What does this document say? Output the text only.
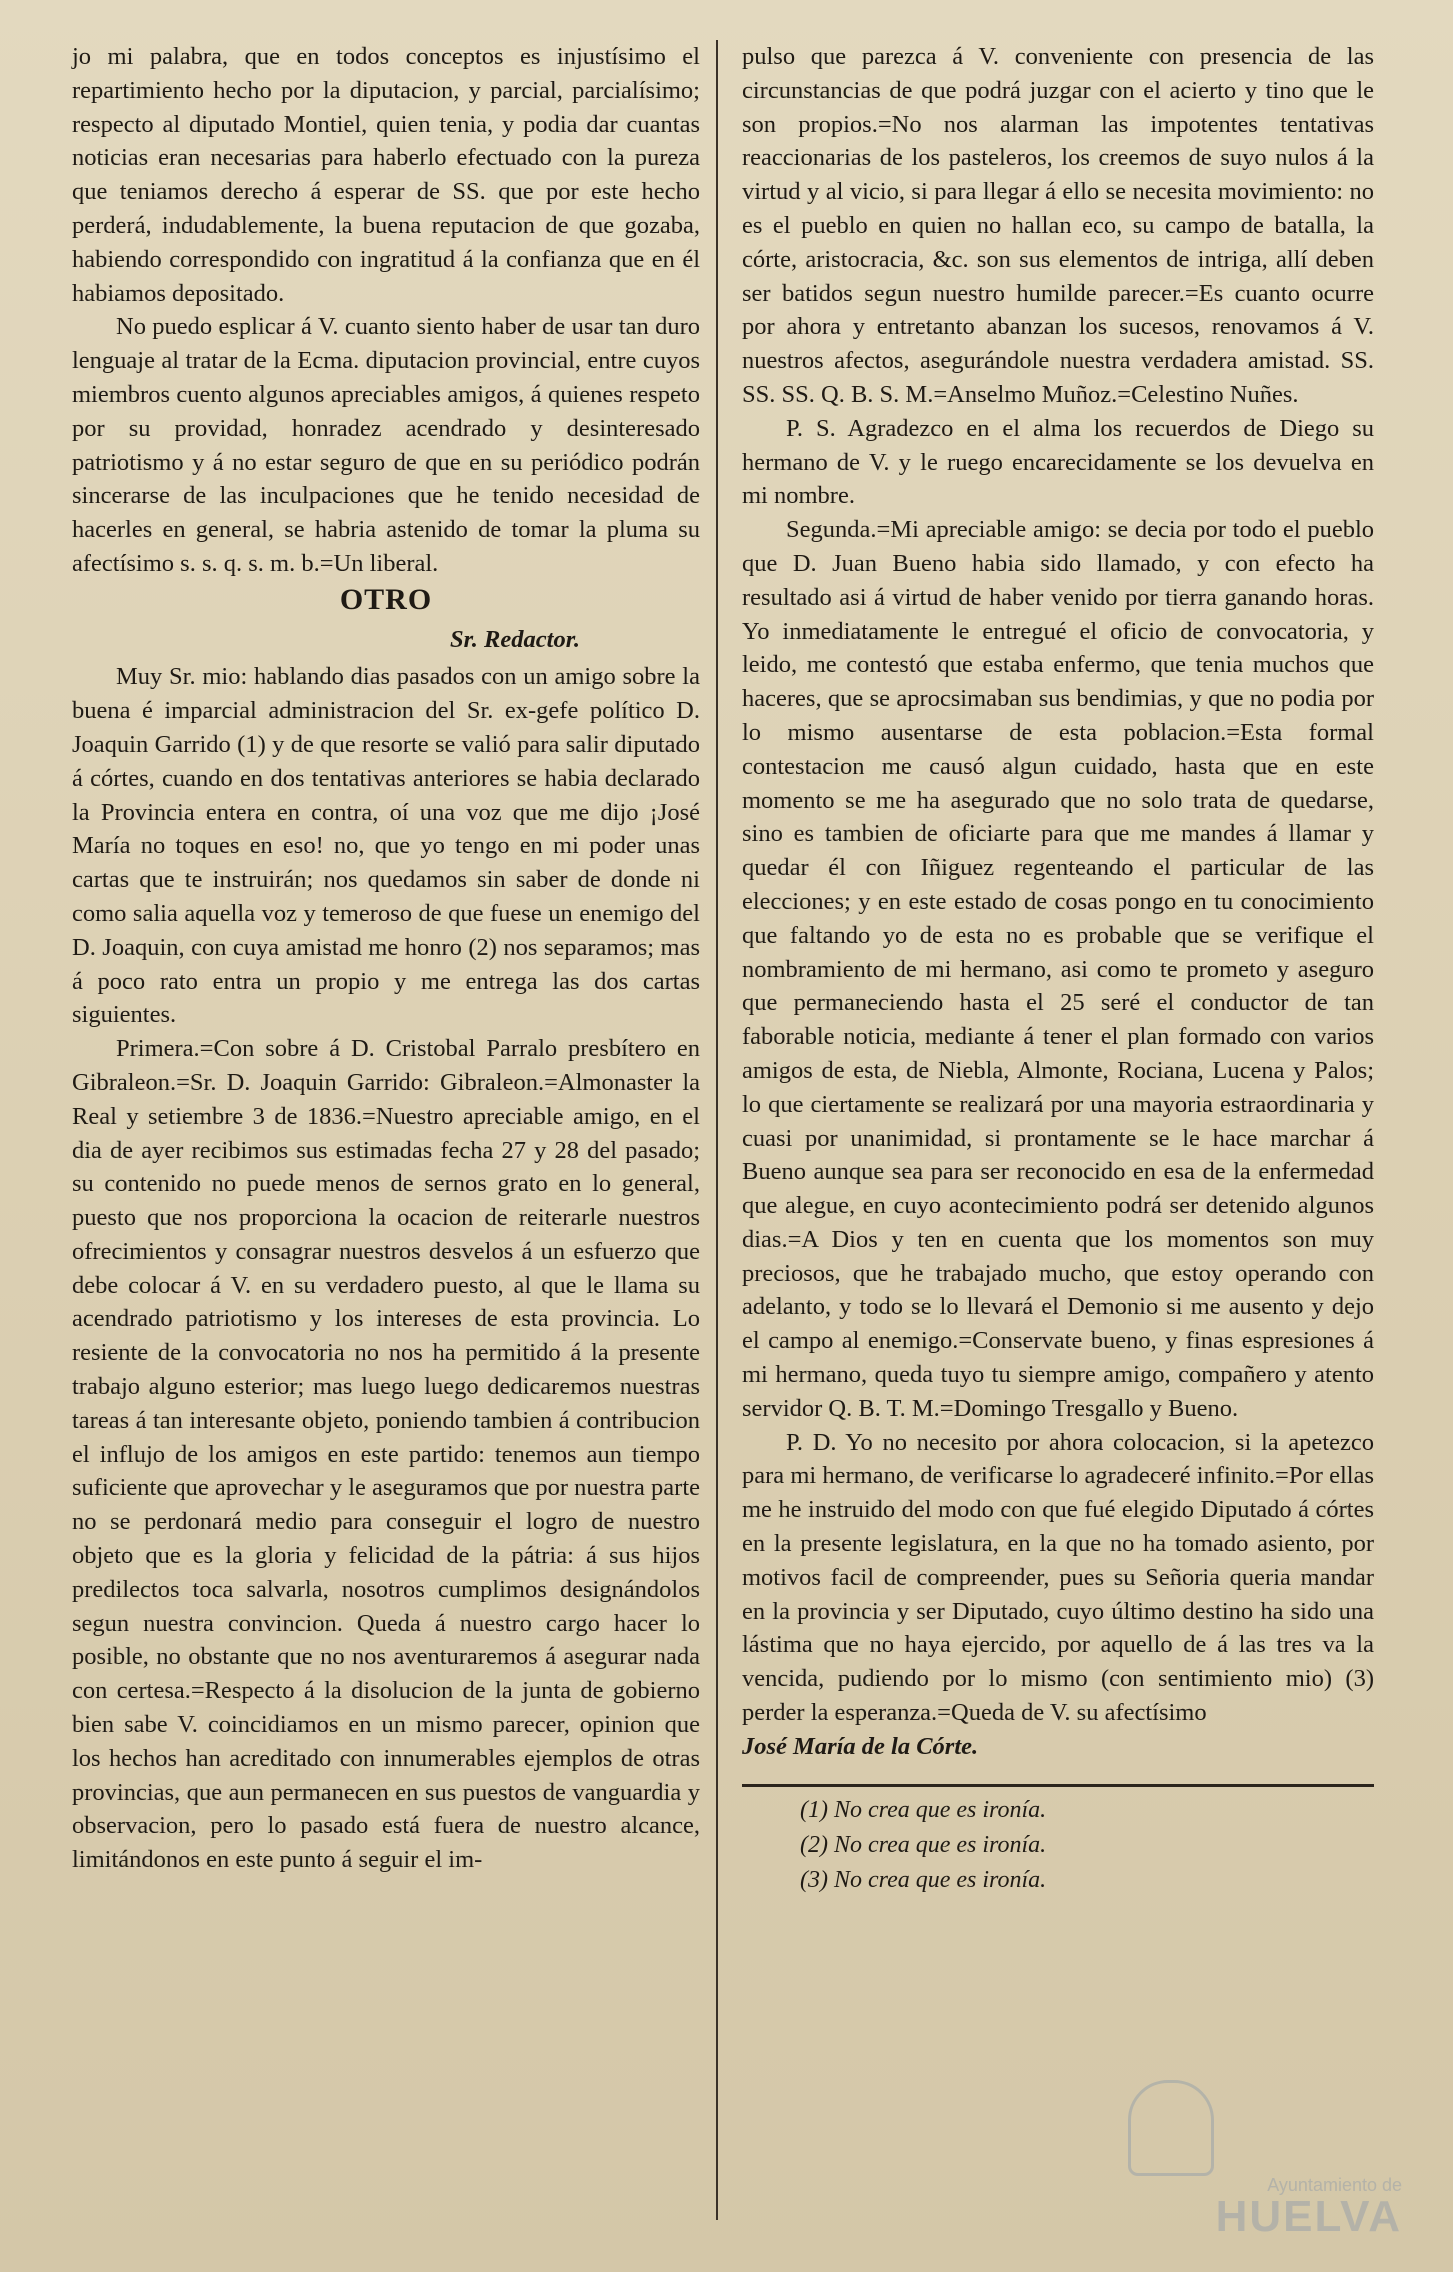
jo mi palabra, que en todos conceptos es injustísimo el repartimiento hecho por la diputacion, y parcial, parcialísimo; respecto al diputado Montiel, quien tenia, y podia dar cuantas noticias eran necesarias para haberlo efectuado con la pureza que teniamos derecho á esperar de SS. que por este hecho perderá, indudablemente, la buena reputacion de que gozaba, habiendo correspondido con ingratitud á la confianza que en él habiamos depositado.

No puedo esplicar á V. cuanto siento haber de usar tan duro lenguaje al tratar de la Ecma. diputacion provincial, entre cuyos miembros cuento algunos apreciables amigos, á quienes respeto por su providad, honradez acendrado y desinteresado patriotismo y á no estar seguro de que en su periódico podrán sincerarse de las inculpaciones que he tenido necesidad de hacerles en general, se habria astenido de tomar la pluma su afectísimo s. s. q. s. m. b.=Un liberal.

OTRO
Sr. Redactor.

Muy Sr. mio: hablando dias pasados con un amigo sobre la buena é imparcial administracion del Sr. ex-gefe político D. Joaquin Garrido (1) y de que resorte se valió para salir diputado á córtes, cuando en dos tentativas anteriores se habia declarado la Provincia entera en contra, oí una voz que me dijo ¡José María no toques en eso! no, que yo tengo en mi poder unas cartas que te instruirán; nos quedamos sin saber de donde ni como salia aquella voz y temeroso de que fuese un enemigo del D. Joaquin, con cuya amistad me honro (2) nos separamos; mas á poco rato entra un propio y me entrega las dos cartas siguientes.

Primera.=Con sobre á D. Cristobal Parralo presbítero en Gibraleon.=Sr. D. Joaquin Garrido: Gibraleon.=Almonaster la Real y setiembre 3 de 1836.=Nuestro apreciable amigo, en el dia de ayer recibimos sus estimadas fecha 27 y 28 del pasado; su contenido no puede menos de sernos grato en lo general, puesto que nos proporciona la ocacion de reiterarle nuestros ofrecimientos y consagrar nuestros desvelos á un esfuerzo que debe colocar á V. en su verdadero puesto, al que le llama su acendrado patriotismo y los intereses de esta provincia. Lo resiente de la convocatoria no nos ha permitido á la presente trabajo alguno esterior; mas luego luego dedicaremos nuestras tareas á tan interesante objeto, poniendo tambien á contribucion el influjo de los amigos en este partido: tenemos aun tiempo suficiente que aprovechar y le aseguramos que por nuestra parte no se perdonará medio para conseguir el logro de nuestro objeto que es la gloria y felicidad de la pátria: á sus hijos predilectos toca salvarla, nosotros cumplimos designándolos segun nuestra convincion. Queda á nuestro cargo hacer lo posible, no obstante que no nos aventuraremos á asegurar nada con certesa.=Respecto á la disolucion de la junta de gobierno bien sabe V. coincidiamos en un mismo parecer, opinion que los hechos han acreditado con innumerables ejemplos de otras provincias, que aun permanecen en sus puestos de vanguardia y observacion, pero lo pasado está fuera de nuestro alcance, limitándonos en este punto á seguir el im-

pulso que parezca á V. conveniente con presencia de las circunstancias de que podrá juzgar con el acierto y tino que le son propios.=No nos alarman las impotentes tentativas reaccionarias de los pasteleros, los creemos de suyo nulos á la virtud y al vicio, si para llegar á ello se necesita movimiento: no es el pueblo en quien no hallan eco, su campo de batalla, la córte, aristocracia, &c. son sus elementos de intriga, allí deben ser batidos segun nuestro humilde parecer.=Es cuanto ocurre por ahora y entretanto abanzan los sucesos, renovamos á V. nuestros afectos, asegurándole nuestra verdadera amistad. SS. SS. SS. Q. B. S. M.=Anselmo Muñoz.=Celestino Nuñes.

P. S. Agradezco en el alma los recuerdos de Diego su hermano de V. y le ruego encarecidamente se los devuelva en mi nombre.

Segunda.=Mi apreciable amigo: se decia por todo el pueblo que D. Juan Bueno habia sido llamado, y con efecto ha resultado asi á virtud de haber venido por tierra ganando horas. Yo inmediatamente le entregué el oficio de convocatoria, y leido, me contestó que estaba enfermo, que tenia muchos que haceres, que se aprocsimaban sus bendimias, y que no podia por lo mismo ausentarse de esta poblacion.=Esta formal contestacion me causó algun cuidado, hasta que en este momento se me ha asegurado que no solo trata de quedarse, sino es tambien de oficiarte para que me mandes á llamar y quedar él con Iñiguez regenteando el particular de las elecciones; y en este estado de cosas pongo en tu conocimiento que faltando yo de esta no es probable que se verifique el nombramiento de mi hermano, asi como te prometo y aseguro que permaneciendo hasta el 25 seré el conductor de tan faborable noticia, mediante á tener el plan formado con varios amigos de esta, de Niebla, Almonte, Rociana, Lucena y Palos; lo que ciertamente se realizará por una mayoria estraordinaria y cuasi por unanimidad, si prontamente se le hace marchar á Bueno aunque sea para ser reconocido en esa de la enfermedad que alegue, en cuyo acontecimiento podrá ser detenido algunos dias.=A Dios y ten en cuenta que los momentos son muy preciosos, que he trabajado mucho, que estoy operando con adelanto, y todo se lo llevará el Demonio si me ausento y dejo el campo al enemigo.=Conservate bueno, y finas espresiones á mi hermano, queda tuyo tu siempre amigo, compañero y atento servidor Q. B. T. M.=Domingo Tresgallo y Bueno.

P. D. Yo no necesito por ahora colocacion, si la apetezco para mi hermano, de verificarse lo agradeceré infinito.=Por ellas me he instruido del modo con que fué elegido Diputado á córtes en la presente legislatura, en la que no ha tomado asiento, por motivos facil de compreender, pues su Señoria queria mandar en la provincia y ser Diputado, cuyo último destino ha sido una lástima que no haya ejercido, por aquello de á las tres va la vencida, pudiendo por lo mismo (con sentimiento mio) (3) perder la esperanza.=Queda de V. su afectísimo

José María de la Córte.

(1) No crea que es ironía.
(2) No crea que es ironía.
(3) No crea que es ironía.
Ayuntamiento de
HUELVA
